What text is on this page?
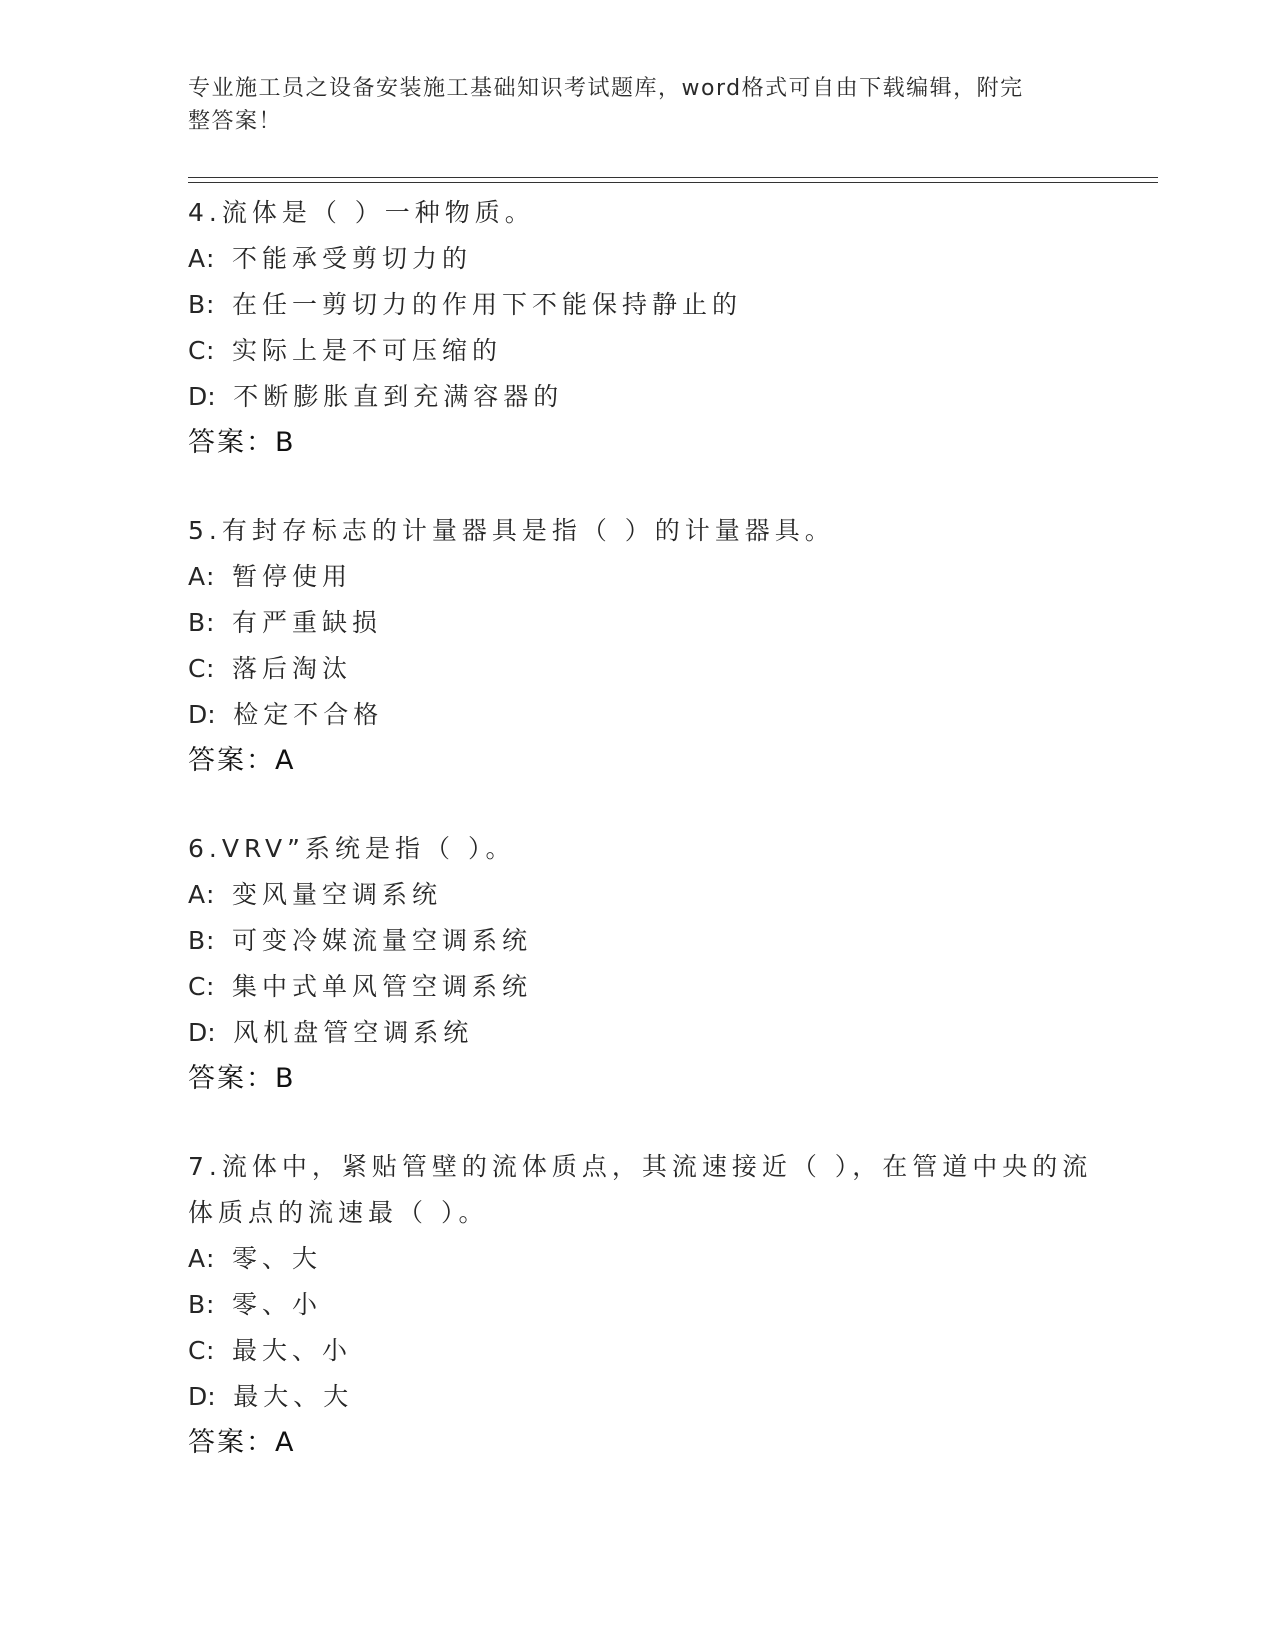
专业施工员之设备安装施工基础知识考试题库，word格式可自由下载编辑，附完
整答案！
4.流体是（ ）一种物质。
A: 不能承受剪切力的
B: 在任一剪切力的作用下不能保持静止的
C: 实际上是不可压缩的
D: 不断膨胀直到充满容器的
答案：B
5.有封存标志的计量器具是指（ ）的计量器具。
A: 暂停使用
B: 有严重缺损
C: 落后淘汰
D: 检定不合格
答案：A
6.VRV”系统是指（ ）。
A: 变风量空调系统
B: 可变冷媒流量空调系统
C: 集中式单风管空调系统
D: 风机盘管空调系统
答案：B
7.流体中，紧贴管壁的流体质点，其流速接近（ ），在管道中央的流
体质点的流速最（ ）。
A: 零、大
B: 零、小
C: 最大、小
D: 最大、大
答案：A
